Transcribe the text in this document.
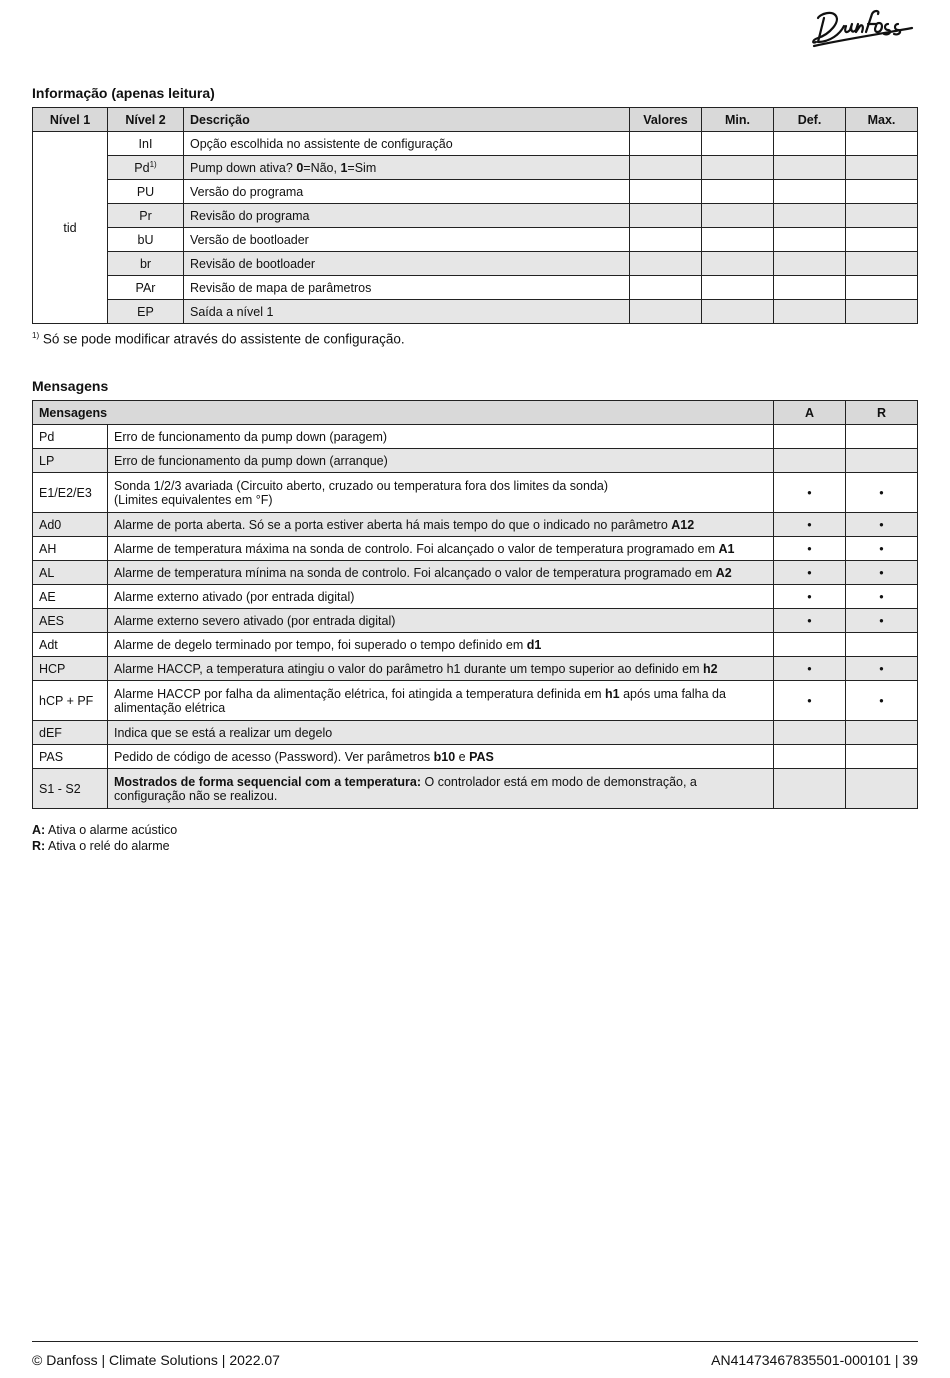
Informação (apenas leitura)
Nível 1	Nível 2	Descrição	Valores	Min.	Def.	Max.
tid	InI	Opção escolhida no assistente de configuração				
	Pd$^{1)}$	Pump down ativa? 0=Não, 1=Sim				
	PU	Versão do programa				
	Pr	Revisão do programa				
	bU	Versão de bootloader				
	br	Revisão de bootloader				
	PAr	Revisão de mapa de parâmetros				
	EP	Saída a nível 1				
$^{1)}$ Só se pode modificar através do assistente de configuração.
Mensagens
Mensagens		A	R
Pd	Erro de funcionamento da pump down (paragem)		
LP	Erro de funcionamento da pump down (arranque)		
E1/E2/E3	Sonda 1/2/3 avariada (Circuito aberto, cruzado ou temperatura fora dos limites da sonda)
(Limites equivalentes em °F)	•	•
Ad0	Alarme de porta aberta. Só se a porta estiver aberta há mais tempo do que o indicado no parâmetro A12	•	•
AH	Alarme de temperatura máxima na sonda de controlo. Foi alcançado o valor de temperatura programado em A1	•	•
AL	Alarme de temperatura mínima na sonda de controlo. Foi alcançado o valor de temperatura programado em A2	•	•
AE	Alarme externo ativado (por entrada digital)	•	•
AES	Alarme externo severo ativado (por entrada digital)	•	•
Adt	Alarme de degelo terminado por tempo, foi superado o tempo definido em d1		
HCP	Alarme HACCP, a temperatura atingiu o valor do parâmetro h1 durante um tempo superior ao definido em h2	•	•
hCP + PF	Alarme HACCP por falha da alimentação elétrica, foi atingida a temperatura definida em h1 após uma falha da
alimentação elétrica	•	•
dEF	Indica que se está a realizar um degelo		
PAS	Pedido de código de acesso (Password). Ver parâmetros b10 e PAS		
S1 - S2	Mostrados de forma sequencial com a temperatura: O controlador está em modo de demonstração, a
configuração não se realizou.		
A: Ativa o alarme acústico
R: Ativa o relé do alarme
© Danfoss | Climate Solutions | 2022.07	AN41473467835501-000101 | 39
